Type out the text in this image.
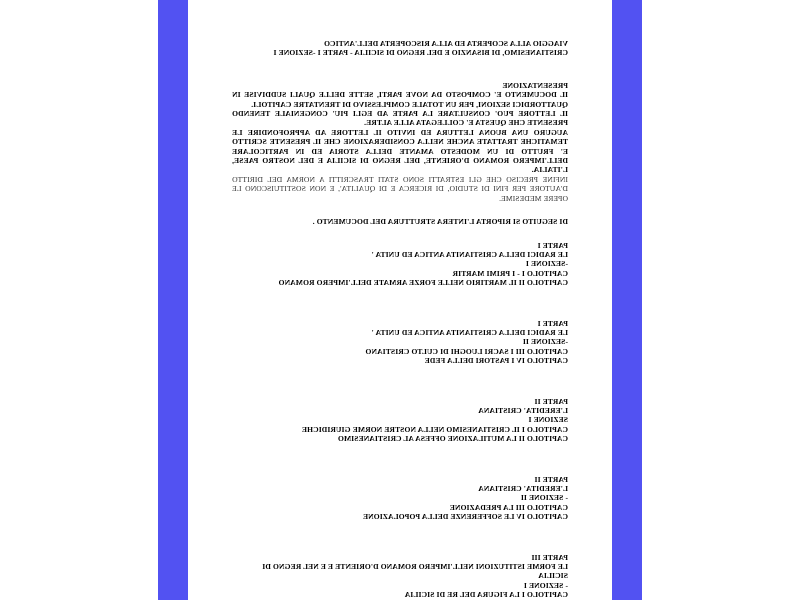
VIAGGIO ALLA SCOPERTA ED ALLA RISCOPERTA DELL'ANTICO

CRISTIANESIMO, DI BISANZIO E DEL REGNO DI SICILIA - PARTE I -SEZIONE I

PRESENTAZIONE

IL DOCUMENTO E' COMPOSTO DA NOVE PARTI, SETTE DELLE QUALI SUDDIVISE IN QUATTORDICI SEZIONI, PER UN TOTALE COMPLESSIVO DI TRENTATRE CAPITOLI.

IL LETTORE PUO' CONSULTARE LA PARTE AD EGLI PIU' CONGENIALE TENENDO PRESENTE CHE QUESTA E' COLLEGATA ALLE ALTRE.

AUGURO UNA BUONA LETTURA ED INVITO IL LETTORE AD APPROFONDIRE LE TEMATICHE TRATTATE ANCHE NELLA CONSIDERAZIONE CHE IL PRESENTE SCRITTO E' FRUTTO DI UN MODESTO AMANTE DELLA STORIA ED IN PARTICOLARE DELL'IMPERO ROMANO D'ORIENTE, DEL REGNO DI SICILIA E DEL NOSTRO PAESE, L'ITALIA.

INFINE PRECISO CHE GLI ESTRATTI SONO STATI TRASCRITTI A NORMA DEL DIRITTO D'AUTORE PER FINI DI STUDIO, DI RICERCA E DI QUALITA', E NON SOSTITUISCONO LE OPERE MEDESIME.

DI SEGUITO SI RIPORTA L'INTERA STRUTTURA DEL DOCUMENTO .

PARTE I

LE RADICI DELLA CRISTIANITA ANTICA ED UNITA '

-SEZIONE I

CAPITOLO I - I PRIMI MARTIR

CAPITOLO II IL MARTIRIO NELLE FORZE ARMATE DELL'IMPERO ROMANO

PARTE I

LE RADICI DELLA CRISTIANITA ANTICA ED UNITA '

-SEZIONE II

CAPITOLO III I SACRI LUOGHI DI CULTO CRISTIANO

CAPITOLO IV I PASTORI DELLA FEDE

PARTE II

L'EREDITA' CRISTIANA

SEZIONE I

CAPITOLO I IL CRISTIANESIMO NELLA NOSTRE NORME GIURIDICHE

CAPITOLO II LA MUTILAZIONE OFFESA AL CRISTIANESIMO

PARTE II

L'EREDITA' CRISTIANA

- SEZIONE II

CAPITOLO III LA PREDAZIONE

CAPITOLO IV LE SOFFERENZE DELLA POPOLAZIONE

PARTE III

LE FORME ISTITUZIONI NELL'IMPERO ROMANO D'ORIENTE E E NEL REGNO DI SICILIA

- SEZIONE I

CAPITOLO I LA FIGURA DEL RE DI SICILIA
